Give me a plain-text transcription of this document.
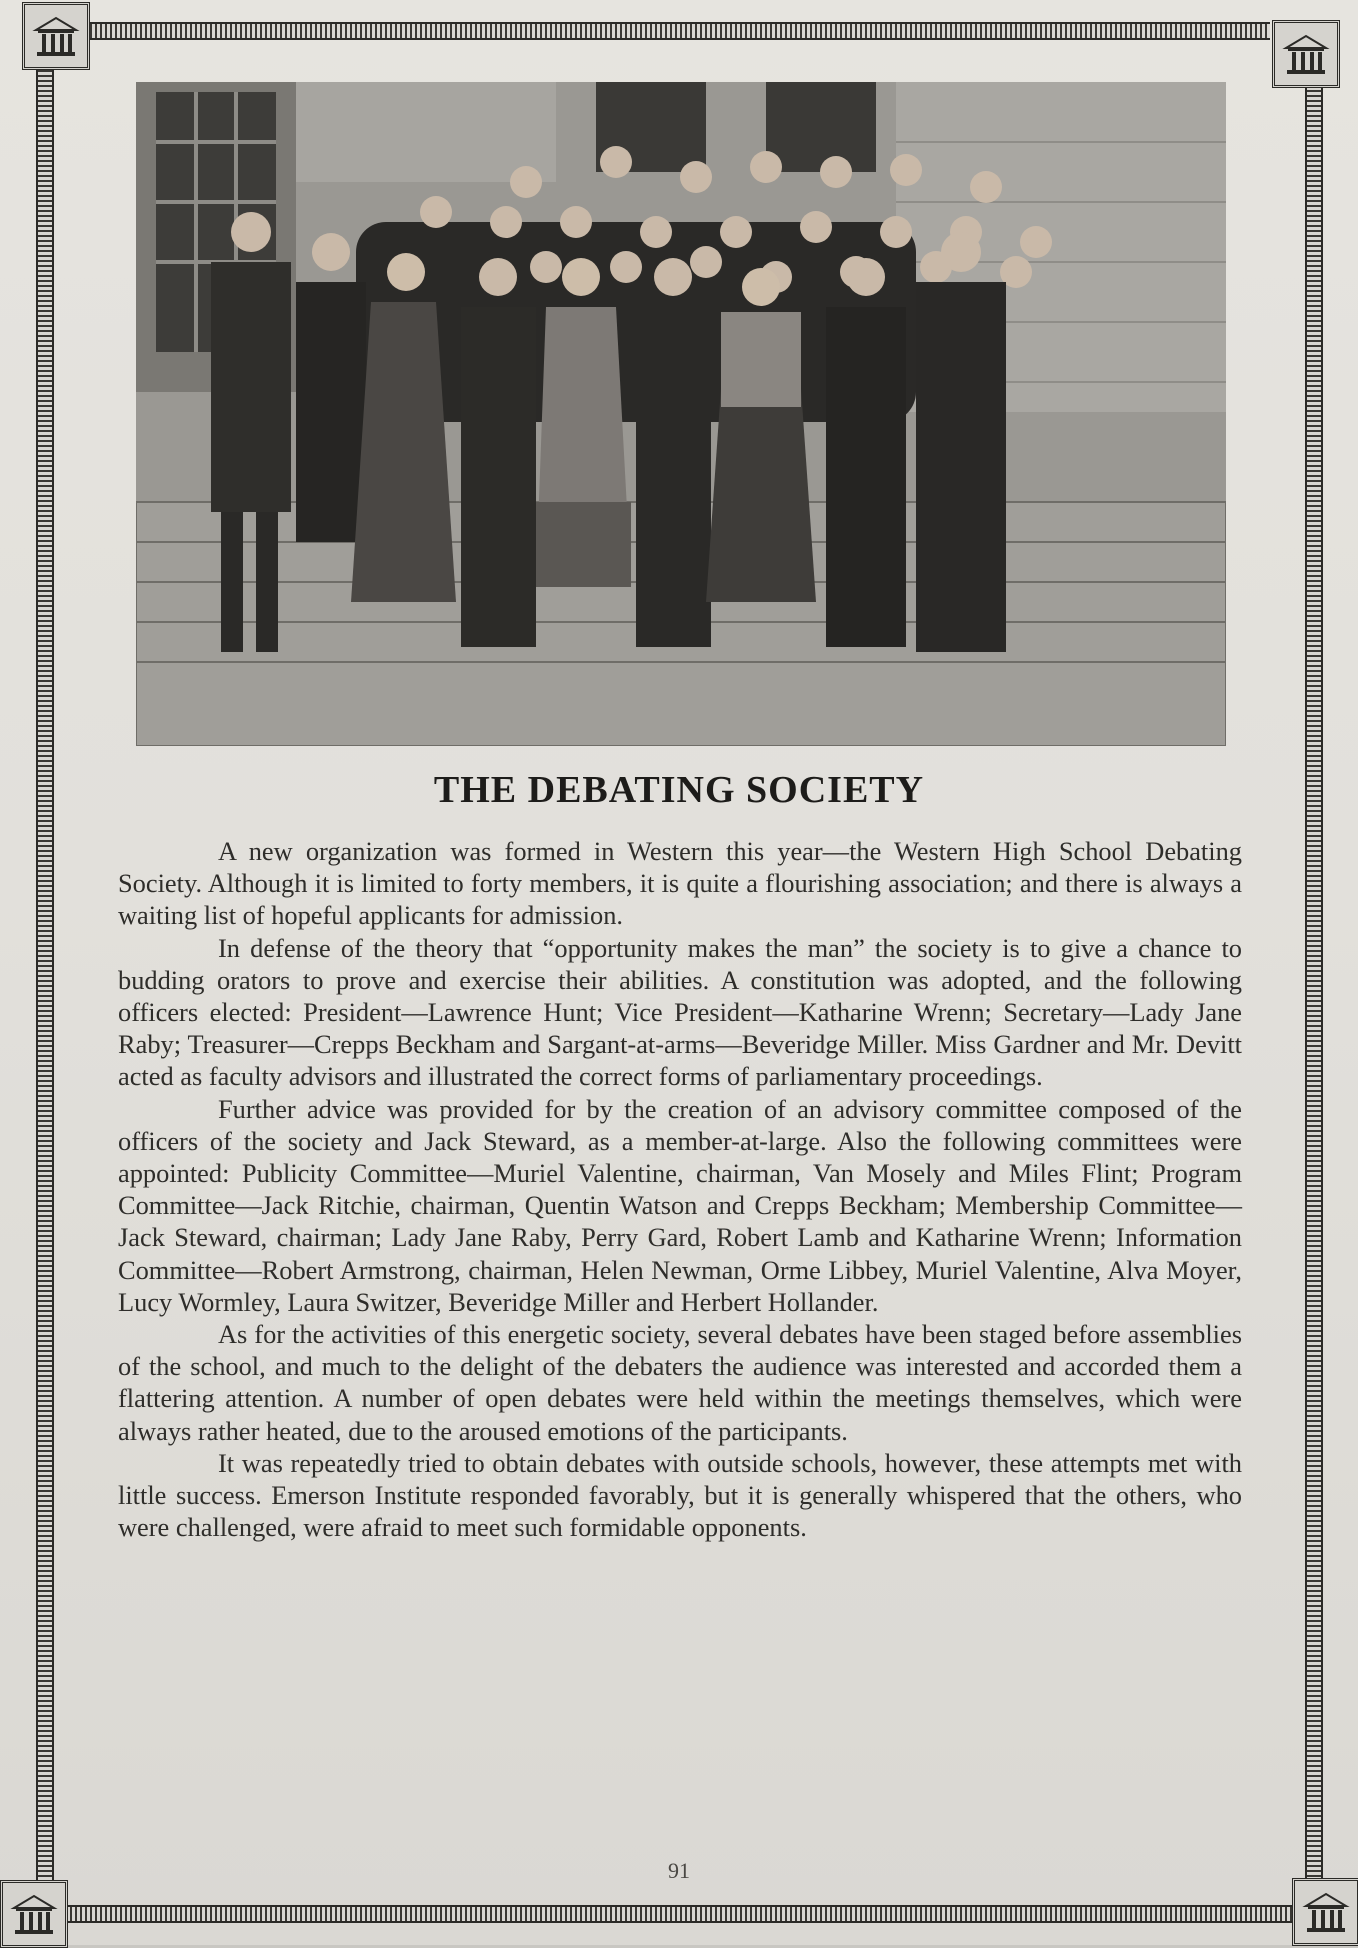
THE DEBATING SOCIETY

A new organization was formed in Western this year—the Western High School Debating Society. Although it is limited to forty members, it is quite a flourishing association; and there is always a waiting list of hopeful applicants for admission.

In defense of the theory that “opportunity makes the man” the society is to give a chance to budding orators to prove and exercise their abilities. A constitution was adopted, and the following officers elected: President—Lawrence Hunt; Vice President—Katharine Wrenn; Secretary—Lady Jane Raby; Treasurer—Crepps Beckham and Sargant-at-arms—Beveridge Miller. Miss Gardner and Mr. Devitt acted as faculty advisors and illustrated the correct forms of parliamentary proceedings.

Further advice was provided for by the creation of an advisory committee composed of the officers of the society and Jack Steward, as a member-at-large. Also the following committees were appointed: Publicity Committee—Muriel Valentine, chairman, Van Mosely and Miles Flint; Program Committee—Jack Ritchie, chairman, Quentin Watson and Crepps Beckham; Membership Committee—Jack Steward, chairman; Lady Jane Raby, Perry Gard, Robert Lamb and Katharine Wrenn; Information Committee—Robert Armstrong, chairman, Helen Newman, Orme Libbey, Muriel Valentine, Alva Moyer, Lucy Wormley, Laura Switzer, Beveridge Miller and Herbert Hollander.

As for the activities of this energetic society, several debates have been staged before assemblies of the school, and much to the delight of the debaters the audience was interested and accorded them a flattering attention. A number of open debates were held within the meetings themselves, which were always rather heated, due to the aroused emotions of the participants.

It was repeatedly tried to obtain debates with outside schools, however, these attempts met with little success. Emerson Institute responded favorably, but it is generally whispered that the others, who were challenged, were afraid to meet such formidable opponents.

91
